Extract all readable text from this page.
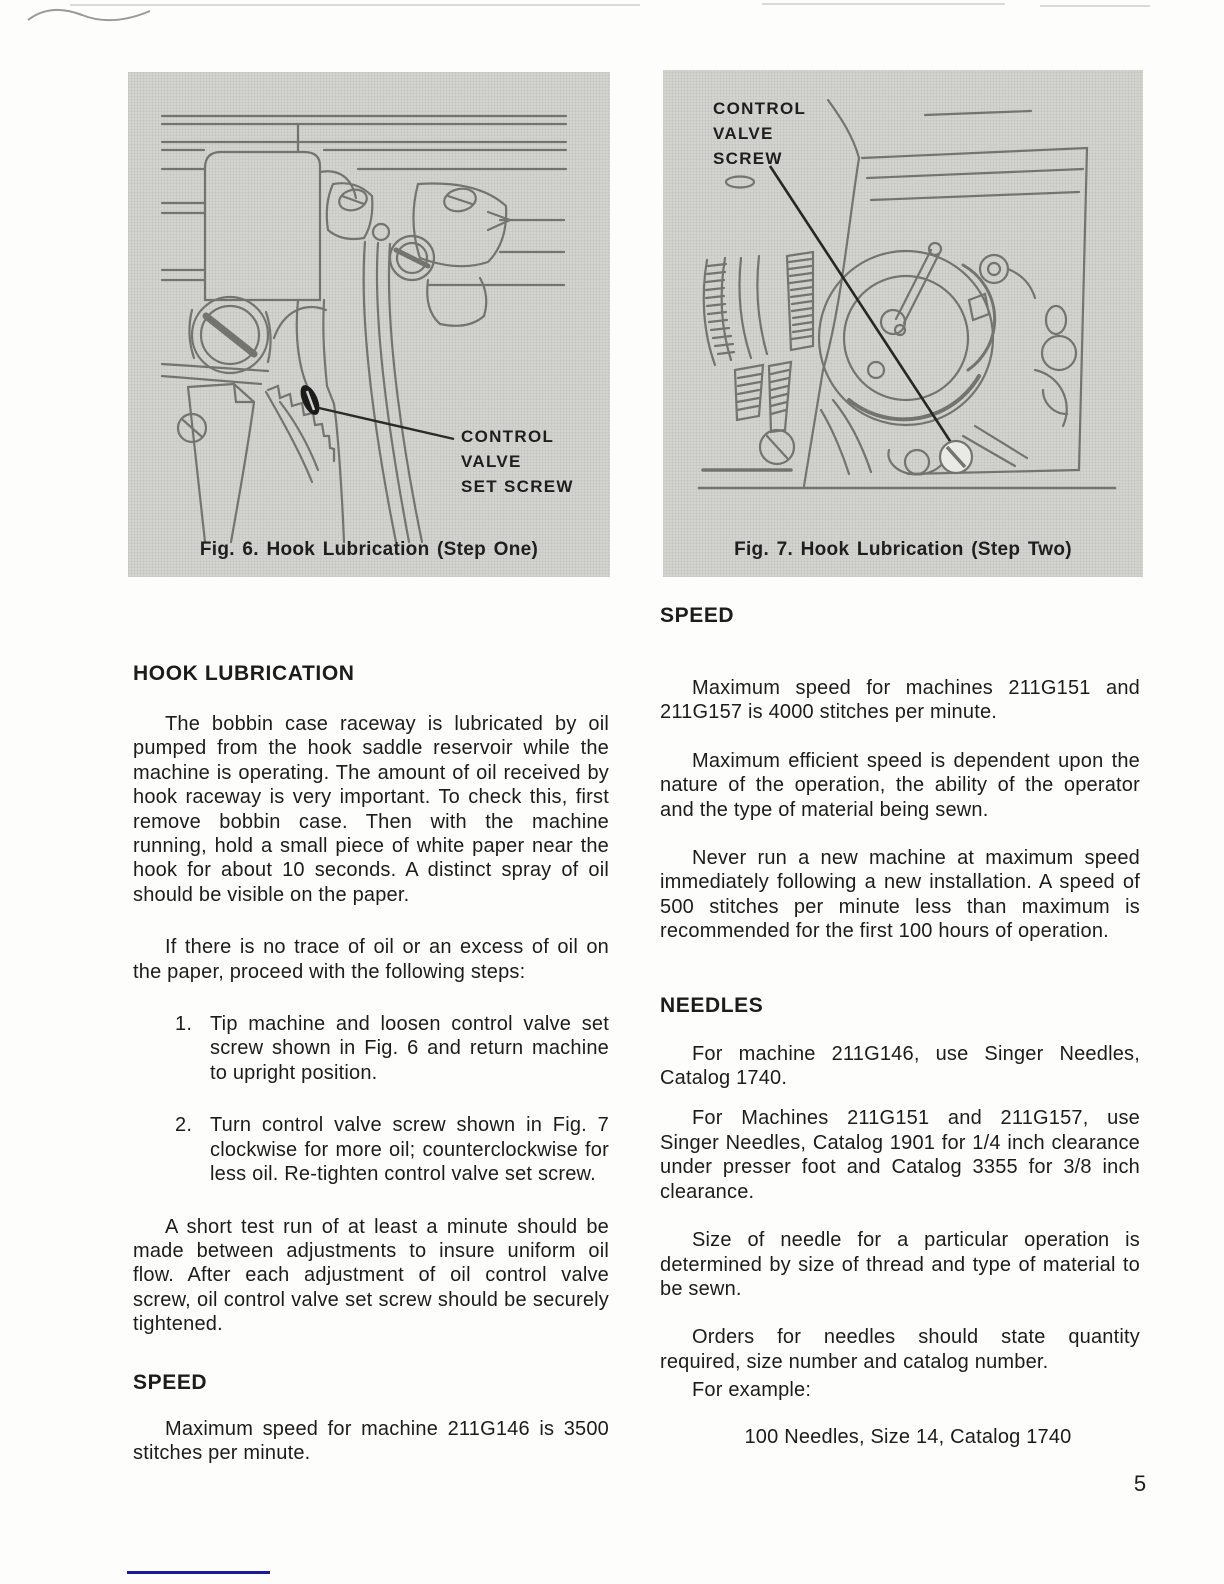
CONTROL
VALVE
SET SCREW
Fig. 6. Hook Lubrication (Step One)
CONTROL
VALVE
SCREW
Fig. 7. Hook Lubrication (Step Two)
HOOK LUBRICATION

The bobbin case raceway is lubricated by oil pumped from the hook saddle reservoir while the machine is operating. The amount of oil received by hook raceway is very important. To check this, first remove bobbin case. Then with the machine running, hold a small piece of white paper near the hook for about 10 seconds. A distinct spray of oil should be visible on the paper.

If there is no trace of oil or an excess of oil on the paper, proceed with the following steps:

1. Tip machine and loosen control valve set screw shown in Fig. 6 and return machine to upright position.
2. Turn control valve screw shown in Fig. 7 clockwise for more oil; counterclockwise for less oil. Re-tighten control valve set screw.

A short test run of at least a minute should be made between adjustments to insure uniform oil flow. After each adjustment of oil control valve screw, oil control valve set screw should be securely tightened.

SPEED

Maximum speed for machine 211G146 is 3500 stitches per minute.

SPEED

Maximum speed for machines 211G151 and 211G157 is 4000 stitches per minute.

Maximum efficient speed is dependent upon the nature of the operation, the ability of the operator and the type of material being sewn.

Never run a new machine at maximum speed immediately following a new installation. A speed of 500 stitches per minute less than maximum is recommended for the first 100 hours of operation.

NEEDLES

For machine 211G146, use Singer Needles, Catalog 1740.

For Machines 211G151 and 211G157, use Singer Needles, Catalog 1901 for 1/4 inch clearance under presser foot and Catalog 3355 for 3/8 inch clearance.

Size of needle for a particular operation is determined by size of thread and type of material to be sewn.

Orders for needles should state quantity required, size number and catalog number.

For example:

100 Needles, Size 14, Catalog 1740

5
